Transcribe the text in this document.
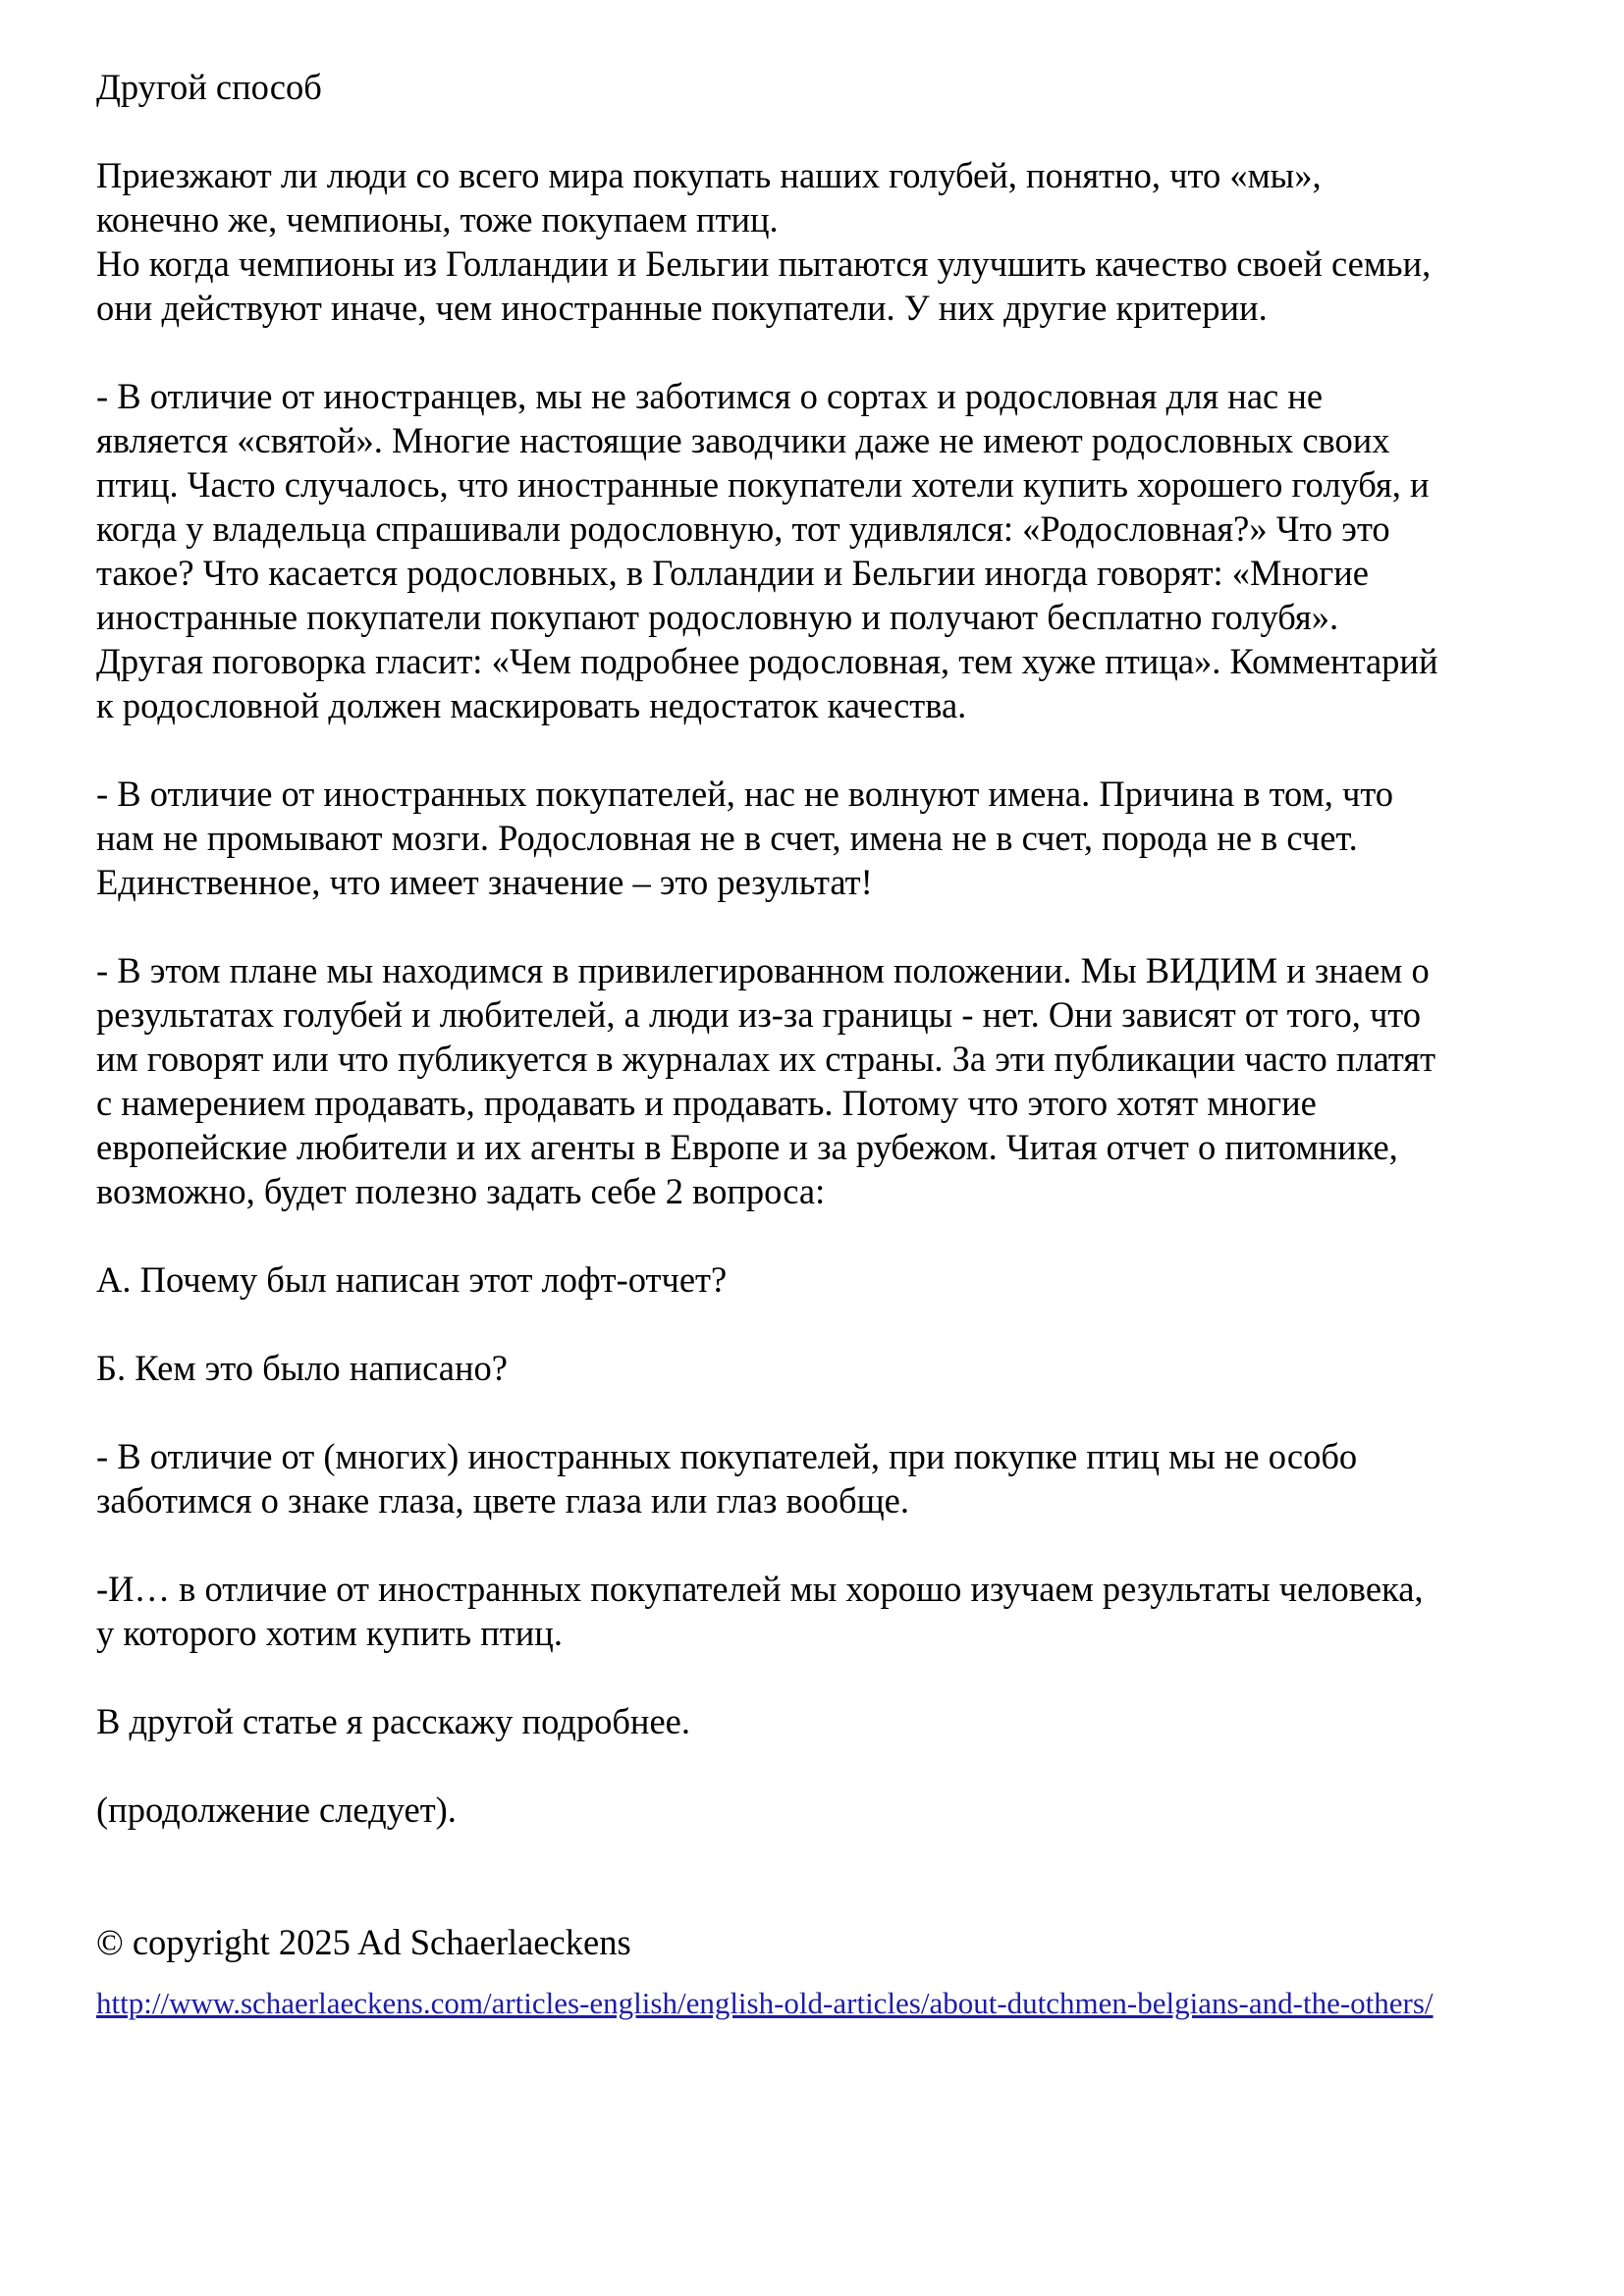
Другой способ
Приезжают ли люди со всего мира покупать наших голубей, понятно, что «мы»,
конечно же, чемпионы, тоже покупаем птиц.
Но когда чемпионы из Голландии и Бельгии пытаются улучшить качество своей семьи,
они действуют иначе, чем иностранные покупатели. У них другие критерии.
- В отличие от иностранцев, мы не заботимся о сортах и родословная для нас не
является «святой». Многие настоящие заводчики даже не имеют родословных своих
птиц. Часто случалось, что иностранные покупатели хотели купить хорошего голубя, и
когда у владельца спрашивали родословную, тот удивлялся: «Родословная?» Что это
такое? Что касается родословных, в Голландии и Бельгии иногда говорят: «Многие
иностранные покупатели покупают родословную и получают бесплатно голубя».
Другая поговорка гласит: «Чем подробнее родословная, тем хуже птица». Комментарий
к родословной должен маскировать недостаток качества.
- В отличие от иностранных покупателей, нас не волнуют имена. Причина в том, что
нам не промывают мозги. Родословная не в счет, имена не в счет, порода не в счет.
Единственное, что имеет значение – это результат!
- В этом плане мы находимся в привилегированном положении. Мы ВИДИМ и знаем о
результатах голубей и любителей, а люди из-за границы - нет. Они зависят от того, что
им говорят или что публикуется в журналах их страны. За эти публикации часто платят
с намерением продавать, продавать и продавать. Потому что этого хотят многие
европейские любители и их агенты в Европе и за рубежом. Читая отчет о питомнике,
возможно, будет полезно задать себе 2 вопроса:
А. Почему был написан этот лофт-отчет?
Б. Кем это было написано?
- В отличие от (многих) иностранных покупателей, при покупке птиц мы не особо
заботимся о знаке глаза, цвете глаза или глаз вообще.
-И… в отличие от иностранных покупателей мы хорошо изучаем результаты человека,
у которого хотим купить птиц.
В другой статье я расскажу подробнее.
(продолжение следует).
© copyright 2025 Ad Schaerlaeckens
http://www.schaerlaeckens.com/articles-english/english-old-articles/about-dutchmen-belgians-and-the-others/
